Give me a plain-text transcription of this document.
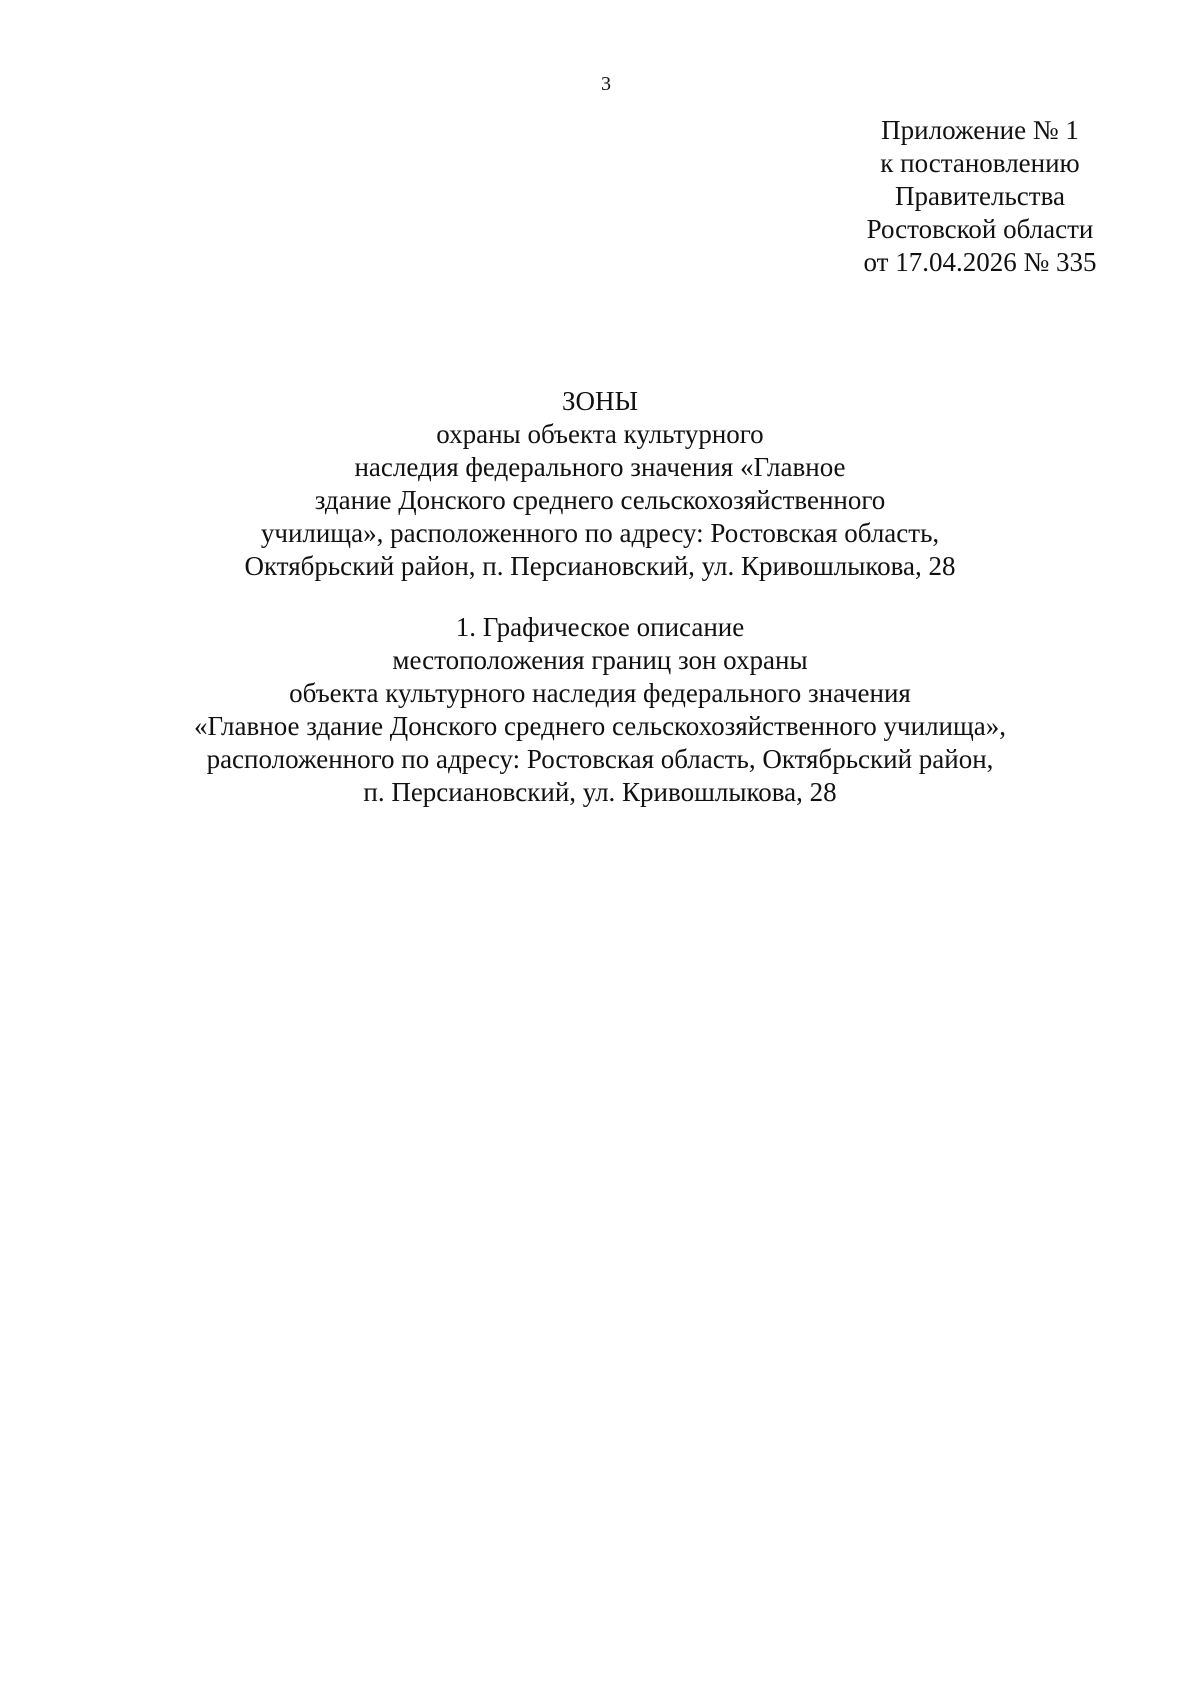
3
Приложение № 1
к постановлению
Правительства
Ростовской области
от 17.04.2026 № 335
ЗОНЫ
охраны объекта культурного
наследия федерального значения «Главное
здание Донского среднего сельскохозяйственного
училища», расположенного по адресу: Ростовская область,
Октябрьский район, п. Персиановский, ул. Кривошлыкова, 28
1. Графическое описание
местоположения границ зон охраны
объекта культурного наследия федерального значения
«Главное здание Донского среднего сельскохозяйственного училища»,
расположенного по адресу: Ростовская область, Октябрьский район,
п. Персиановский, ул. Кривошлыкова, 28
